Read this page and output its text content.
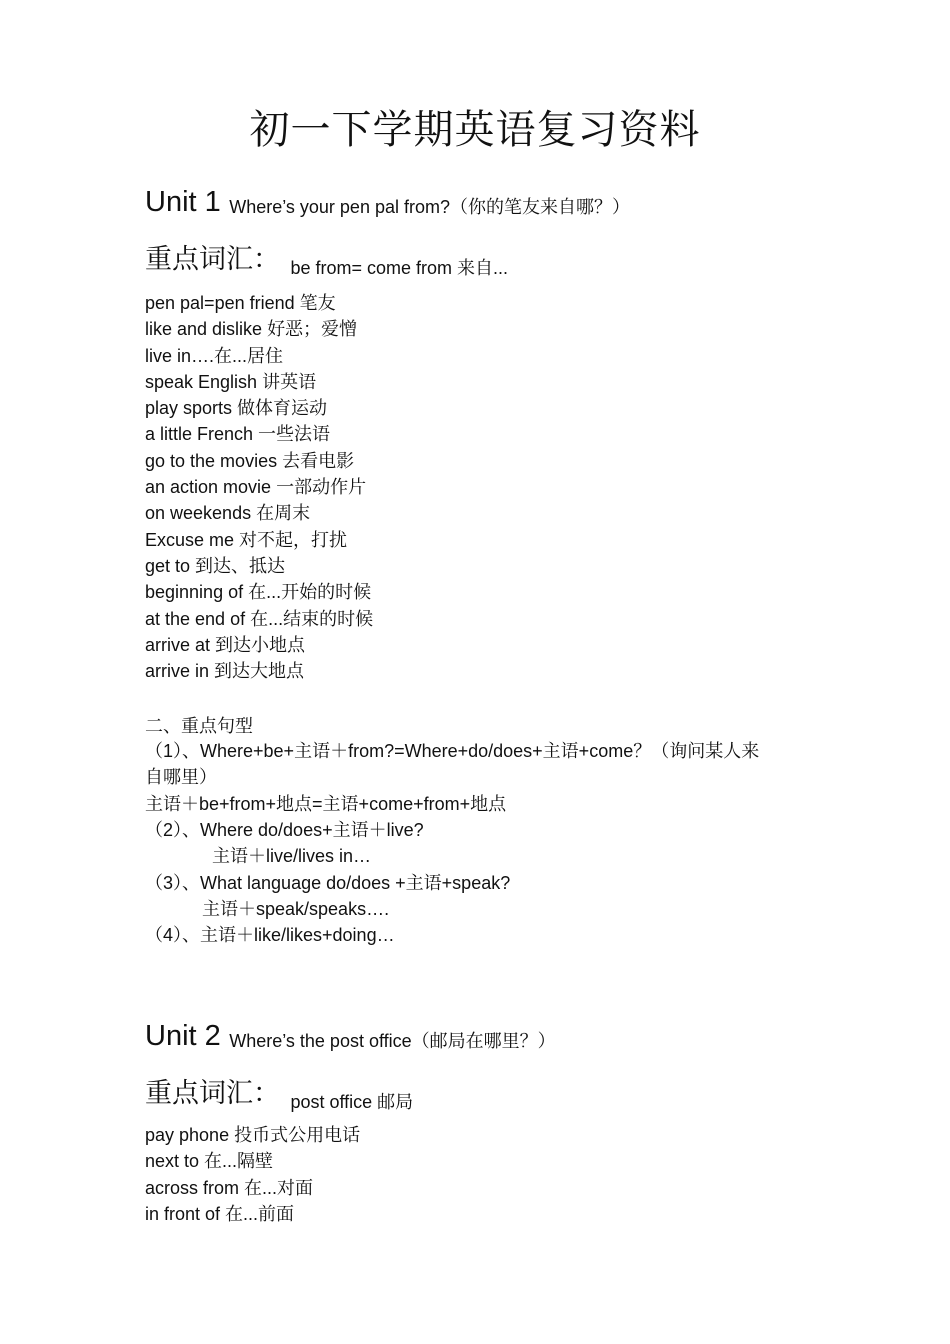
初一下学期英语复习资料
Unit 1 Where’s your pen pal from?（你的笔友来自哪？）
重点词汇： be from= come from 来自...
pen pal=pen friend 笔友
like and dislike 好恶；爱憎
live in….在...居住
speak English 讲英语
play sports 做体育运动
a little French 一些法语
go to the movies 去看电影
an action movie 一部动作片
on weekends 在周末
Excuse me 对不起，打扰
get to 到达、抵达
beginning of 在...开始的时候
at the end of 在...结束的时候
arrive at 到达小地点
arrive in 到达大地点
二、重点句型
（1）、Where+be+主语＋from?=Where+do/does+主语+come？（询问某人来
自哪里）
主语＋be+from+地点=主语+come+from+地点
（2）、Where do/does+主语＋live?
主语＋live/lives in…
（3）、What language do/does +主语+speak?
主语＋speak/speaks….
（4）、主语＋like/likes+doing…
Unit 2 Where’s the post office（邮局在哪里？）
重点词汇： post office 邮局
pay phone 投币式公用电话
next to 在...隔壁
across from 在...对面
in front of 在...前面
